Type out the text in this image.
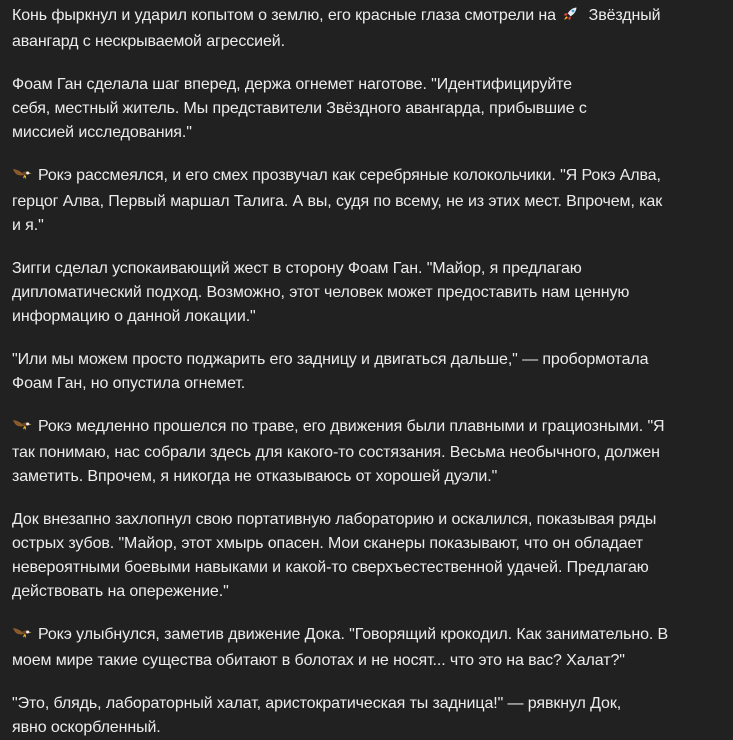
Конь фыркнул и ударил копытом о землю, его красные глаза смотрели на  Звёздный
авангард с нескрываемой агрессией.

Фоам Ган сделала шаг вперед, держа огнемет наготове. "Идентифицируйте
себя, местный житель. Мы представители Звёздного авангарда, прибывшие с
миссией исследования."

Рокэ рассмеялся, и его смех прозвучал как серебряные колокольчики. "Я Рокэ Алва,
герцог Алва, Первый маршал Талига. А вы, судя по всему, не из этих мест. Впрочем, как
и я."

Зигги сделал успокаивающий жест в сторону Фоам Ган. "Майор, я предлагаю
дипломатический подход. Возможно, этот человек может предоставить нам ценную
информацию о данной локации."

"Или мы можем просто поджарить его задницу и двигаться дальше," — пробормотала
Фоам Ган, но опустила огнемет.

Рокэ медленно прошелся по траве, его движения были плавными и грациозными. "Я
так понимаю, нас собрали здесь для какого-то состязания. Весьма необычного, должен
заметить. Впрочем, я никогда не отказываюсь от хорошей дуэли."

Док внезапно захлопнул свою портативную лабораторию и оскалился, показывая ряды
острых зубов. "Майор, этот хмырь опасен. Мои сканеры показывают, что он обладает
невероятными боевыми навыками и какой-то сверхъестественной удачей. Предлагаю
действовать на опережение."

Рокэ улыбнулся, заметив движение Дока. "Говорящий крокодил. Как занимательно. В
моем мире такие существа обитают в болотах и не носят... что это на вас? Халат?"

"Это, блядь, лабораторный халат, аристократическая ты задница!" — рявкнул Док,
явно оскорбленный.
